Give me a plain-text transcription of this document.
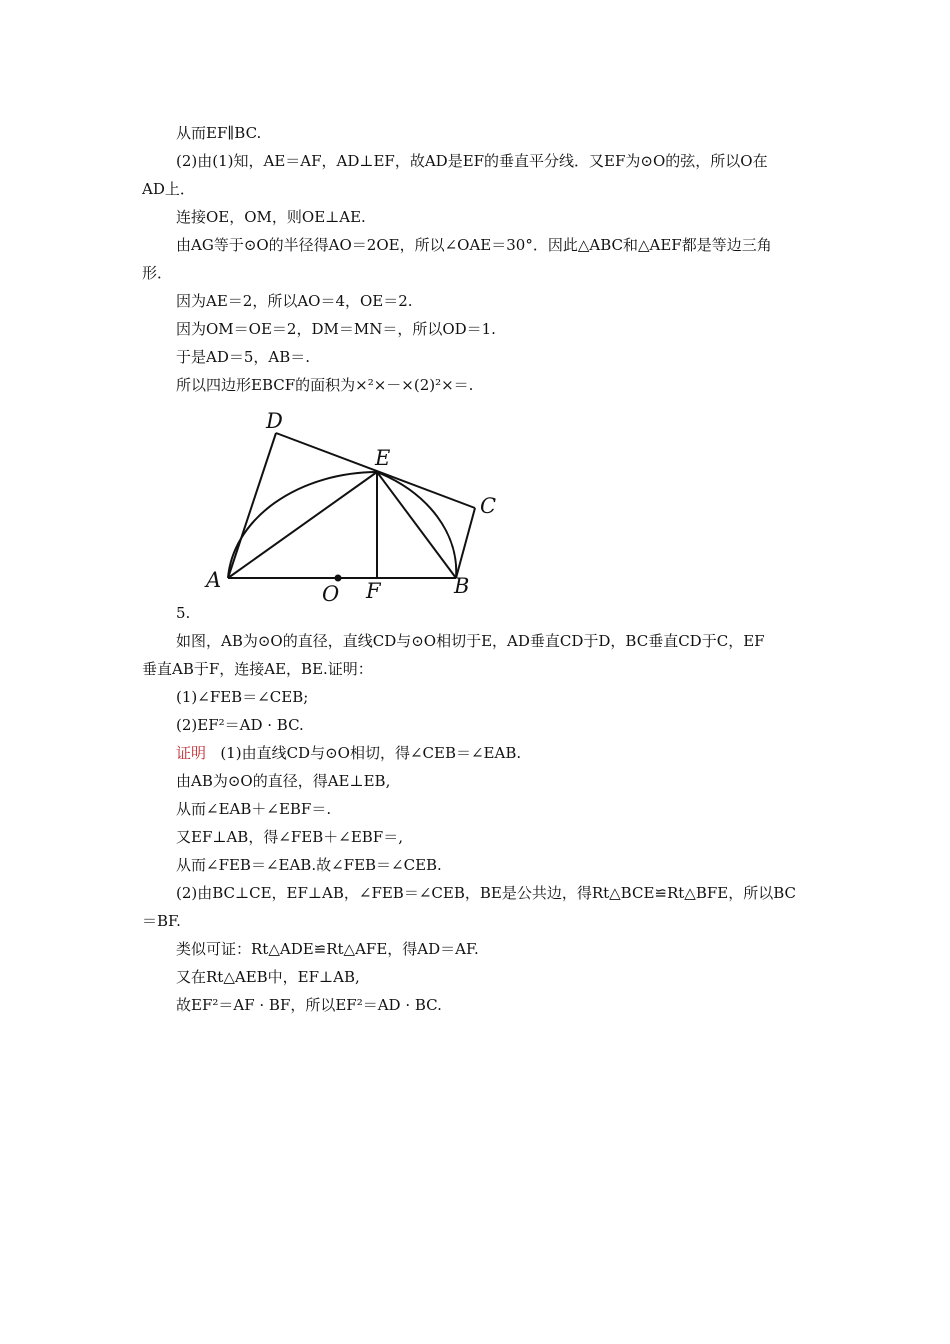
从而EF∥BC.
(2)由(1)知，AE＝AF，AD⊥EF，故AD是EF的垂直平分线．又EF为⊙O的弦，所以O在
AD上．
连接OE，OM，则OE⊥AE.
由AG等于⊙O的半径得AO＝2OE，所以∠OAE＝30°．因此△ABC和△AEF都是等边三角
形．
因为AE＝2，所以AO＝4，OE＝2.
因为OM＝OE＝2，DM＝MN＝，所以OD＝1.
于是AD＝5，AB＝.
所以四边形EBCF的面积为×²×－×(2)²×＝.
D
E
C
A	B
F
O
5.
如图，AB为⊙O的直径，直线CD与⊙O相切于E，AD垂直CD于D，BC垂直CD于C，EF
垂直AB于F，连接AE，BE.证明：
(1)∠FEB＝∠CEB;
(2)EF²＝AD · BC.
证明 (1)由直线CD与⊙O相切，得∠CEB＝∠EAB.
由AB为⊙O的直径，得AE⊥EB,
从而∠EAB＋∠EBF＝.
又EF⊥AB，得∠FEB＋∠EBF＝,
从而∠FEB＝∠EAB.故∠FEB＝∠CEB.
(2)由BC⊥CE，EF⊥AB，∠FEB＝∠CEB，BE是公共边，得Rt△BCE≌Rt△BFE，所以BC
＝BF.
类似可证：Rt△ADE≌Rt△AFE，得AD＝AF.
又在Rt△AEB中，EF⊥AB,
故EF²＝AF · BF，所以EF²＝AD · BC.
